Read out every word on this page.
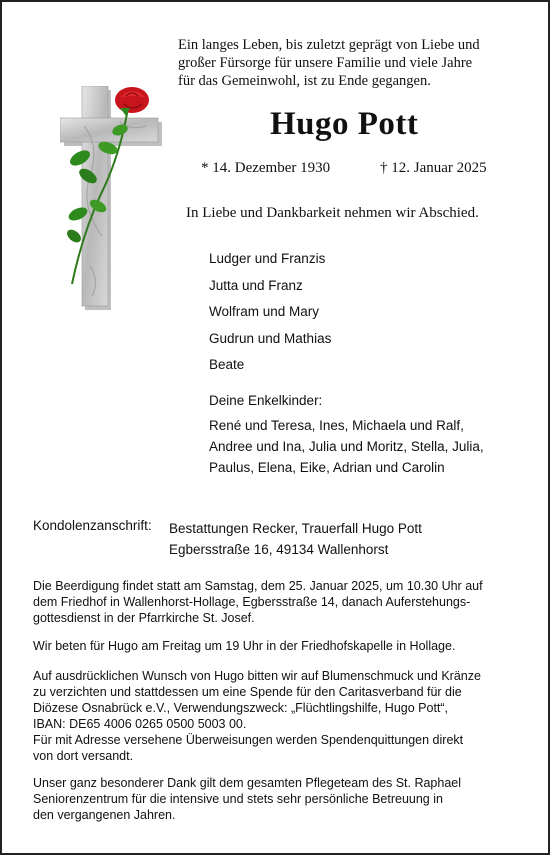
Ein langes Leben, bis zuletzt geprägt von Liebe und
großer Fürsorge für unsere Familie und viele Jahre
für das Gemeinwohl, ist zu Ende gegangen.
Hugo Pott
* 14. Dezember 1930	† 12. Januar 2025
In Liebe und Dankbarkeit nehmen wir Abschied.
Ludger und Franzis
Jutta und Franz
Wolfram und Mary
Gudrun und Mathias
Beate
Deine Enkelkinder:
René und Teresa, Ines, Michaela und Ralf,
Andree und Ina, Julia und Moritz, Stella, Julia,
Paulus, Elena, Eike, Adrian und Carolin
Kondolenzanschrift: Bestattungen Recker, Trauerfall Hugo Pott
Egbersstraße 16, 49134 Wallenhorst
Die Beerdigung findet statt am Samstag, dem 25. Januar 2025, um 10.30 Uhr auf
dem Friedhof in Wallenhorst-Hollage, Egbersstraße 14, danach Auferstehungs-
gottesdienst in der Pfarrkirche St. Josef.
Wir beten für Hugo am Freitag um 19 Uhr in der Friedhofskapelle in Hollage.
Auf ausdrücklichen Wunsch von Hugo bitten wir auf Blumenschmuck und Kränze
zu verzichten und stattdessen um eine Spende für den Caritasverband für die
Diözese Osnabrück e.V., Verwendungszweck: „Flüchtlingshilfe, Hugo Pott“,
IBAN: DE65 4006 0265 0500 5003 00.
Für mit Adresse versehene Überweisungen werden Spendenquittungen direkt
von dort versandt.
Unser ganz besonderer Dank gilt dem gesamten Pflegeteam des St. Raphael
Seniorenzentrum für die intensive und stets sehr persönliche Betreuung in
den vergangenen Jahren.
